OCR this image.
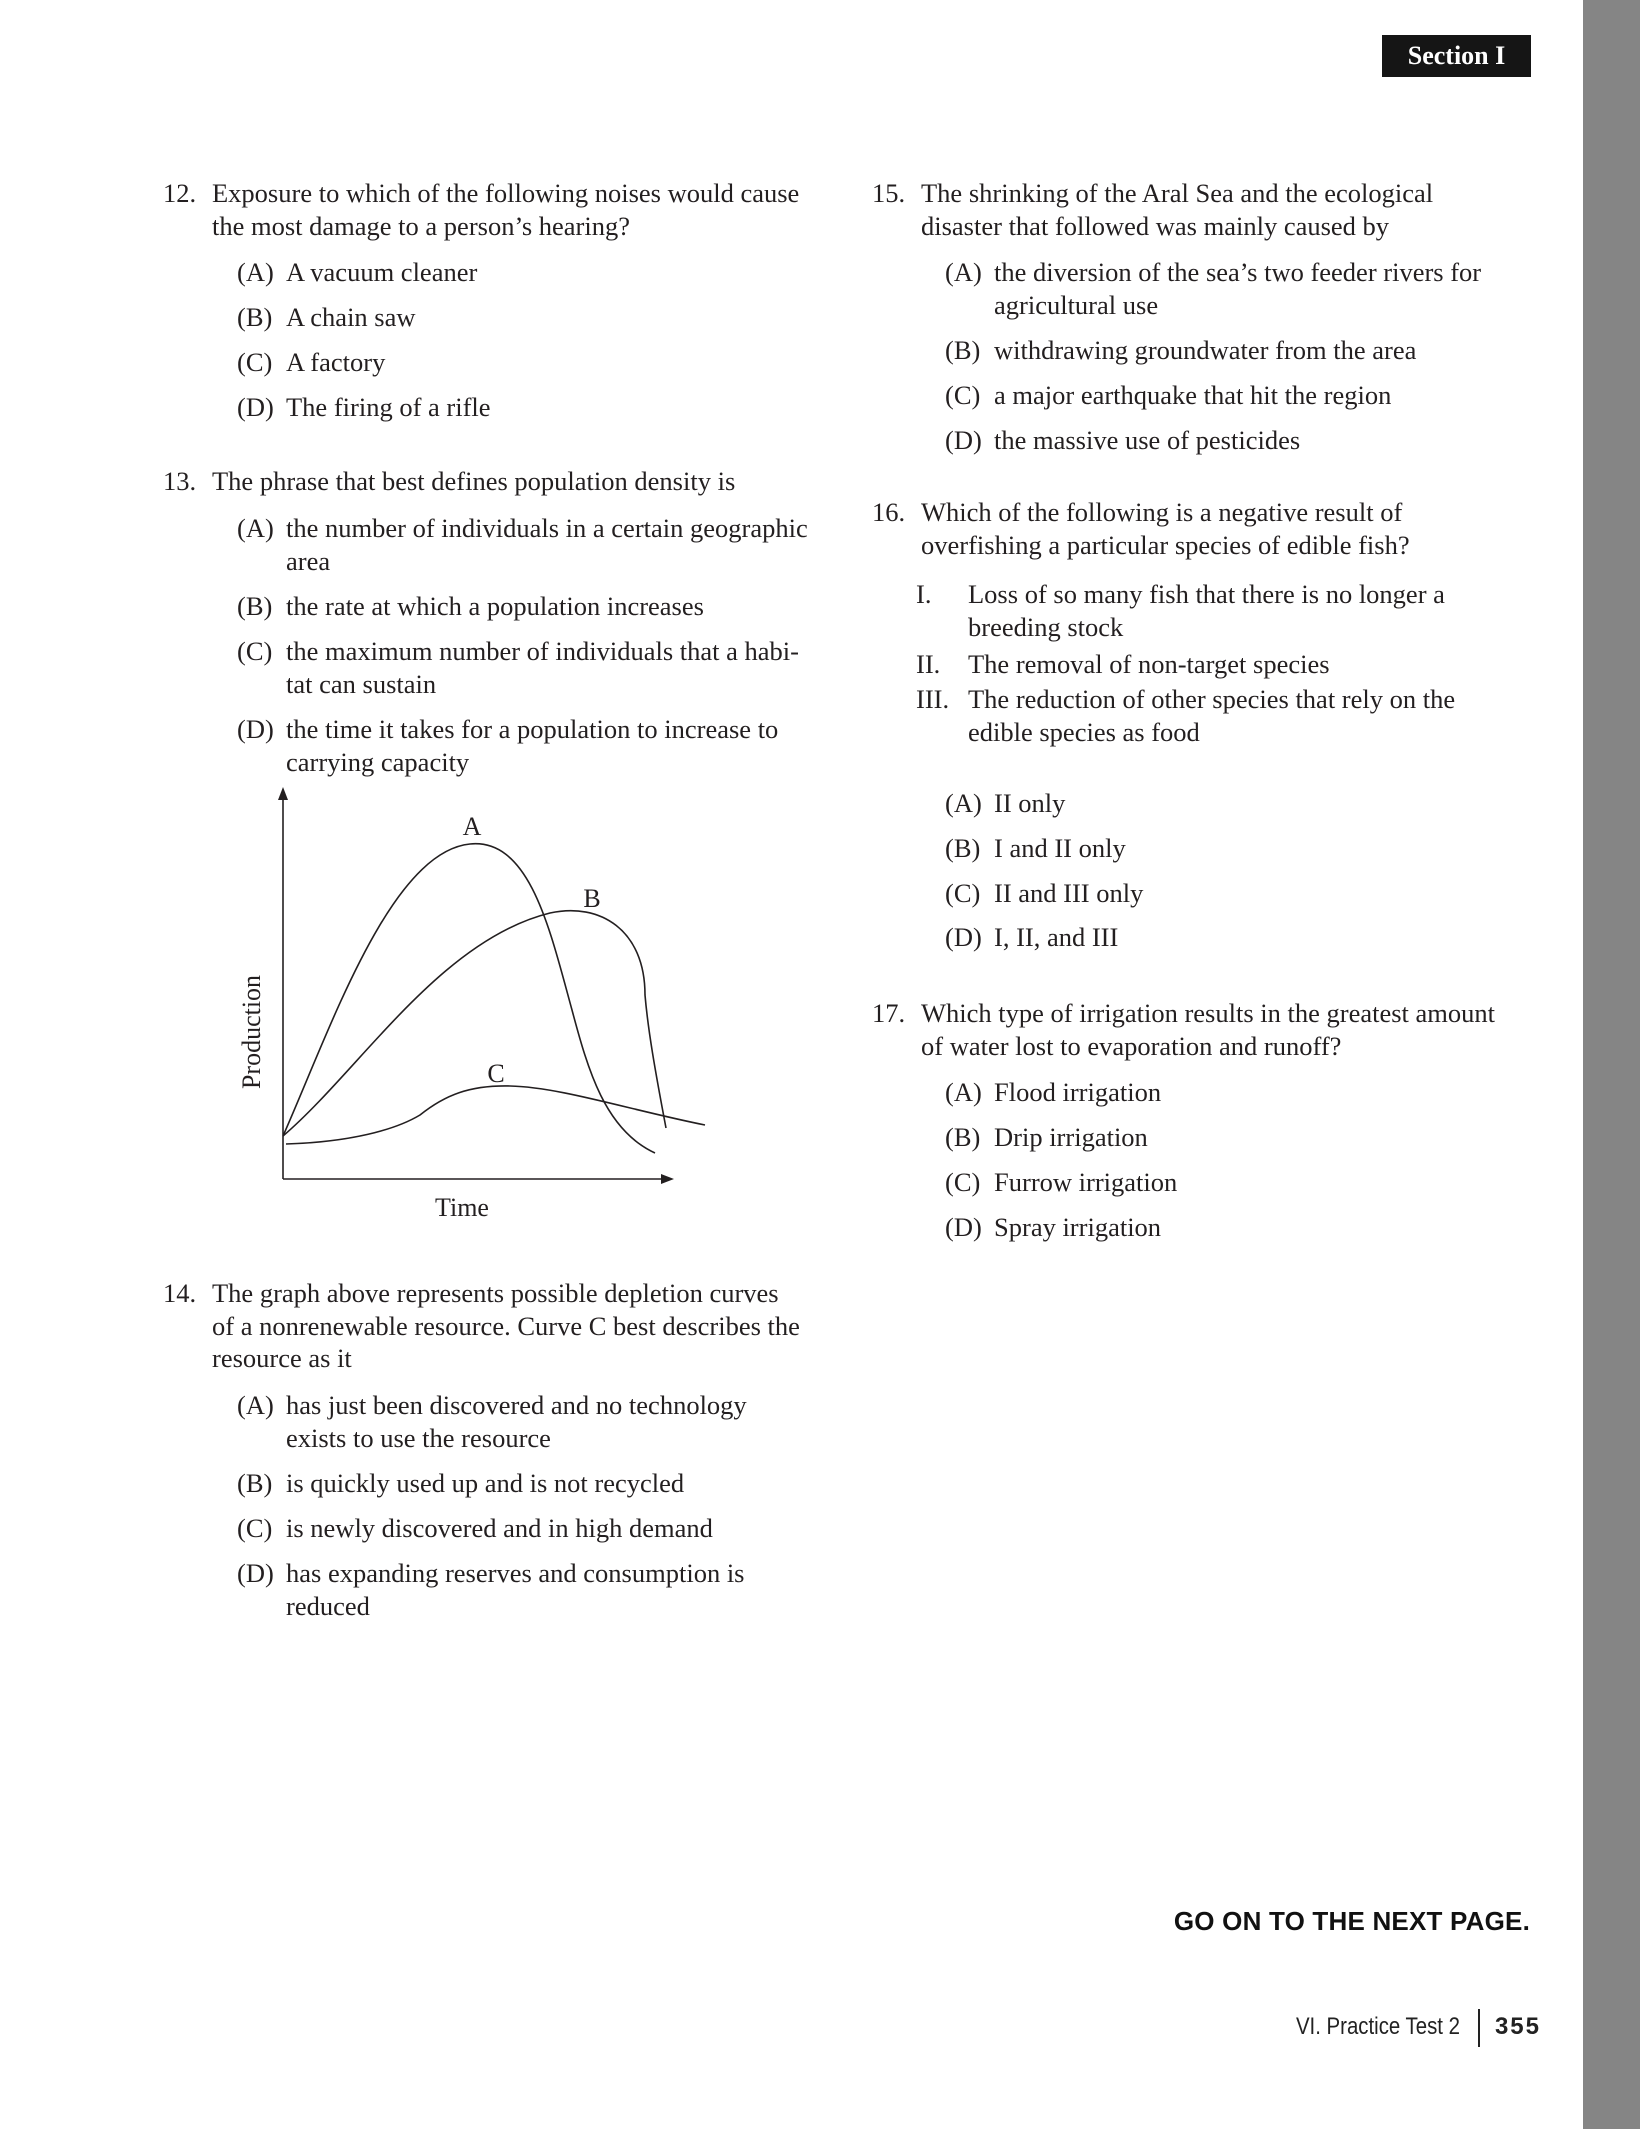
Section I
12. Exposure to which of the following noises would cause
the most damage to a person’s hearing?
(A) A vacuum cleaner
(B) A chain saw
(C) A factory
(D) The firing of a rifle
13. The phrase that best defines population density is
(A) the number of individuals in a certain geographic
area
(B) the rate at which a population increases
(C) the maximum number of individuals that a habi-
tat can sustain
(D) the time it takes for a population to increase to
carrying capacity
A
B
C
Time
Production
14. The graph above represents possible depletion curves
of a nonrenewable resource. Curve C best describes the
resource as it
(A) has just been discovered and no technology
exists to use the resource
(B) is quickly used up and is not recycled
(C) is newly discovered and in high demand
(D) has expanding reserves and consumption is
reduced
15. The shrinking of the Aral Sea and the ecological
disaster that followed was mainly caused by
(A) the diversion of the sea’s two feeder rivers for
agricultural use
(B) withdrawing groundwater from the area
(C) a major earthquake that hit the region
(D) the massive use of pesticides
16. Which of the following is a negative result of
overfishing a particular species of edible fish?
I. Loss of so many fish that there is no longer a
breeding stock
II. The removal of non-target species
III. The reduction of other species that rely on the
edible species as food
(A) II only
(B) I and II only
(C) II and III only
(D) I, II, and III
17. Which type of irrigation results in the greatest amount
of water lost to evaporation and runoff?
(A) Flood irrigation
(B) Drip irrigation
(C) Furrow irrigation
(D) Spray irrigation
GO ON TO THE NEXT PAGE.
VI. Practice Test 2 355
